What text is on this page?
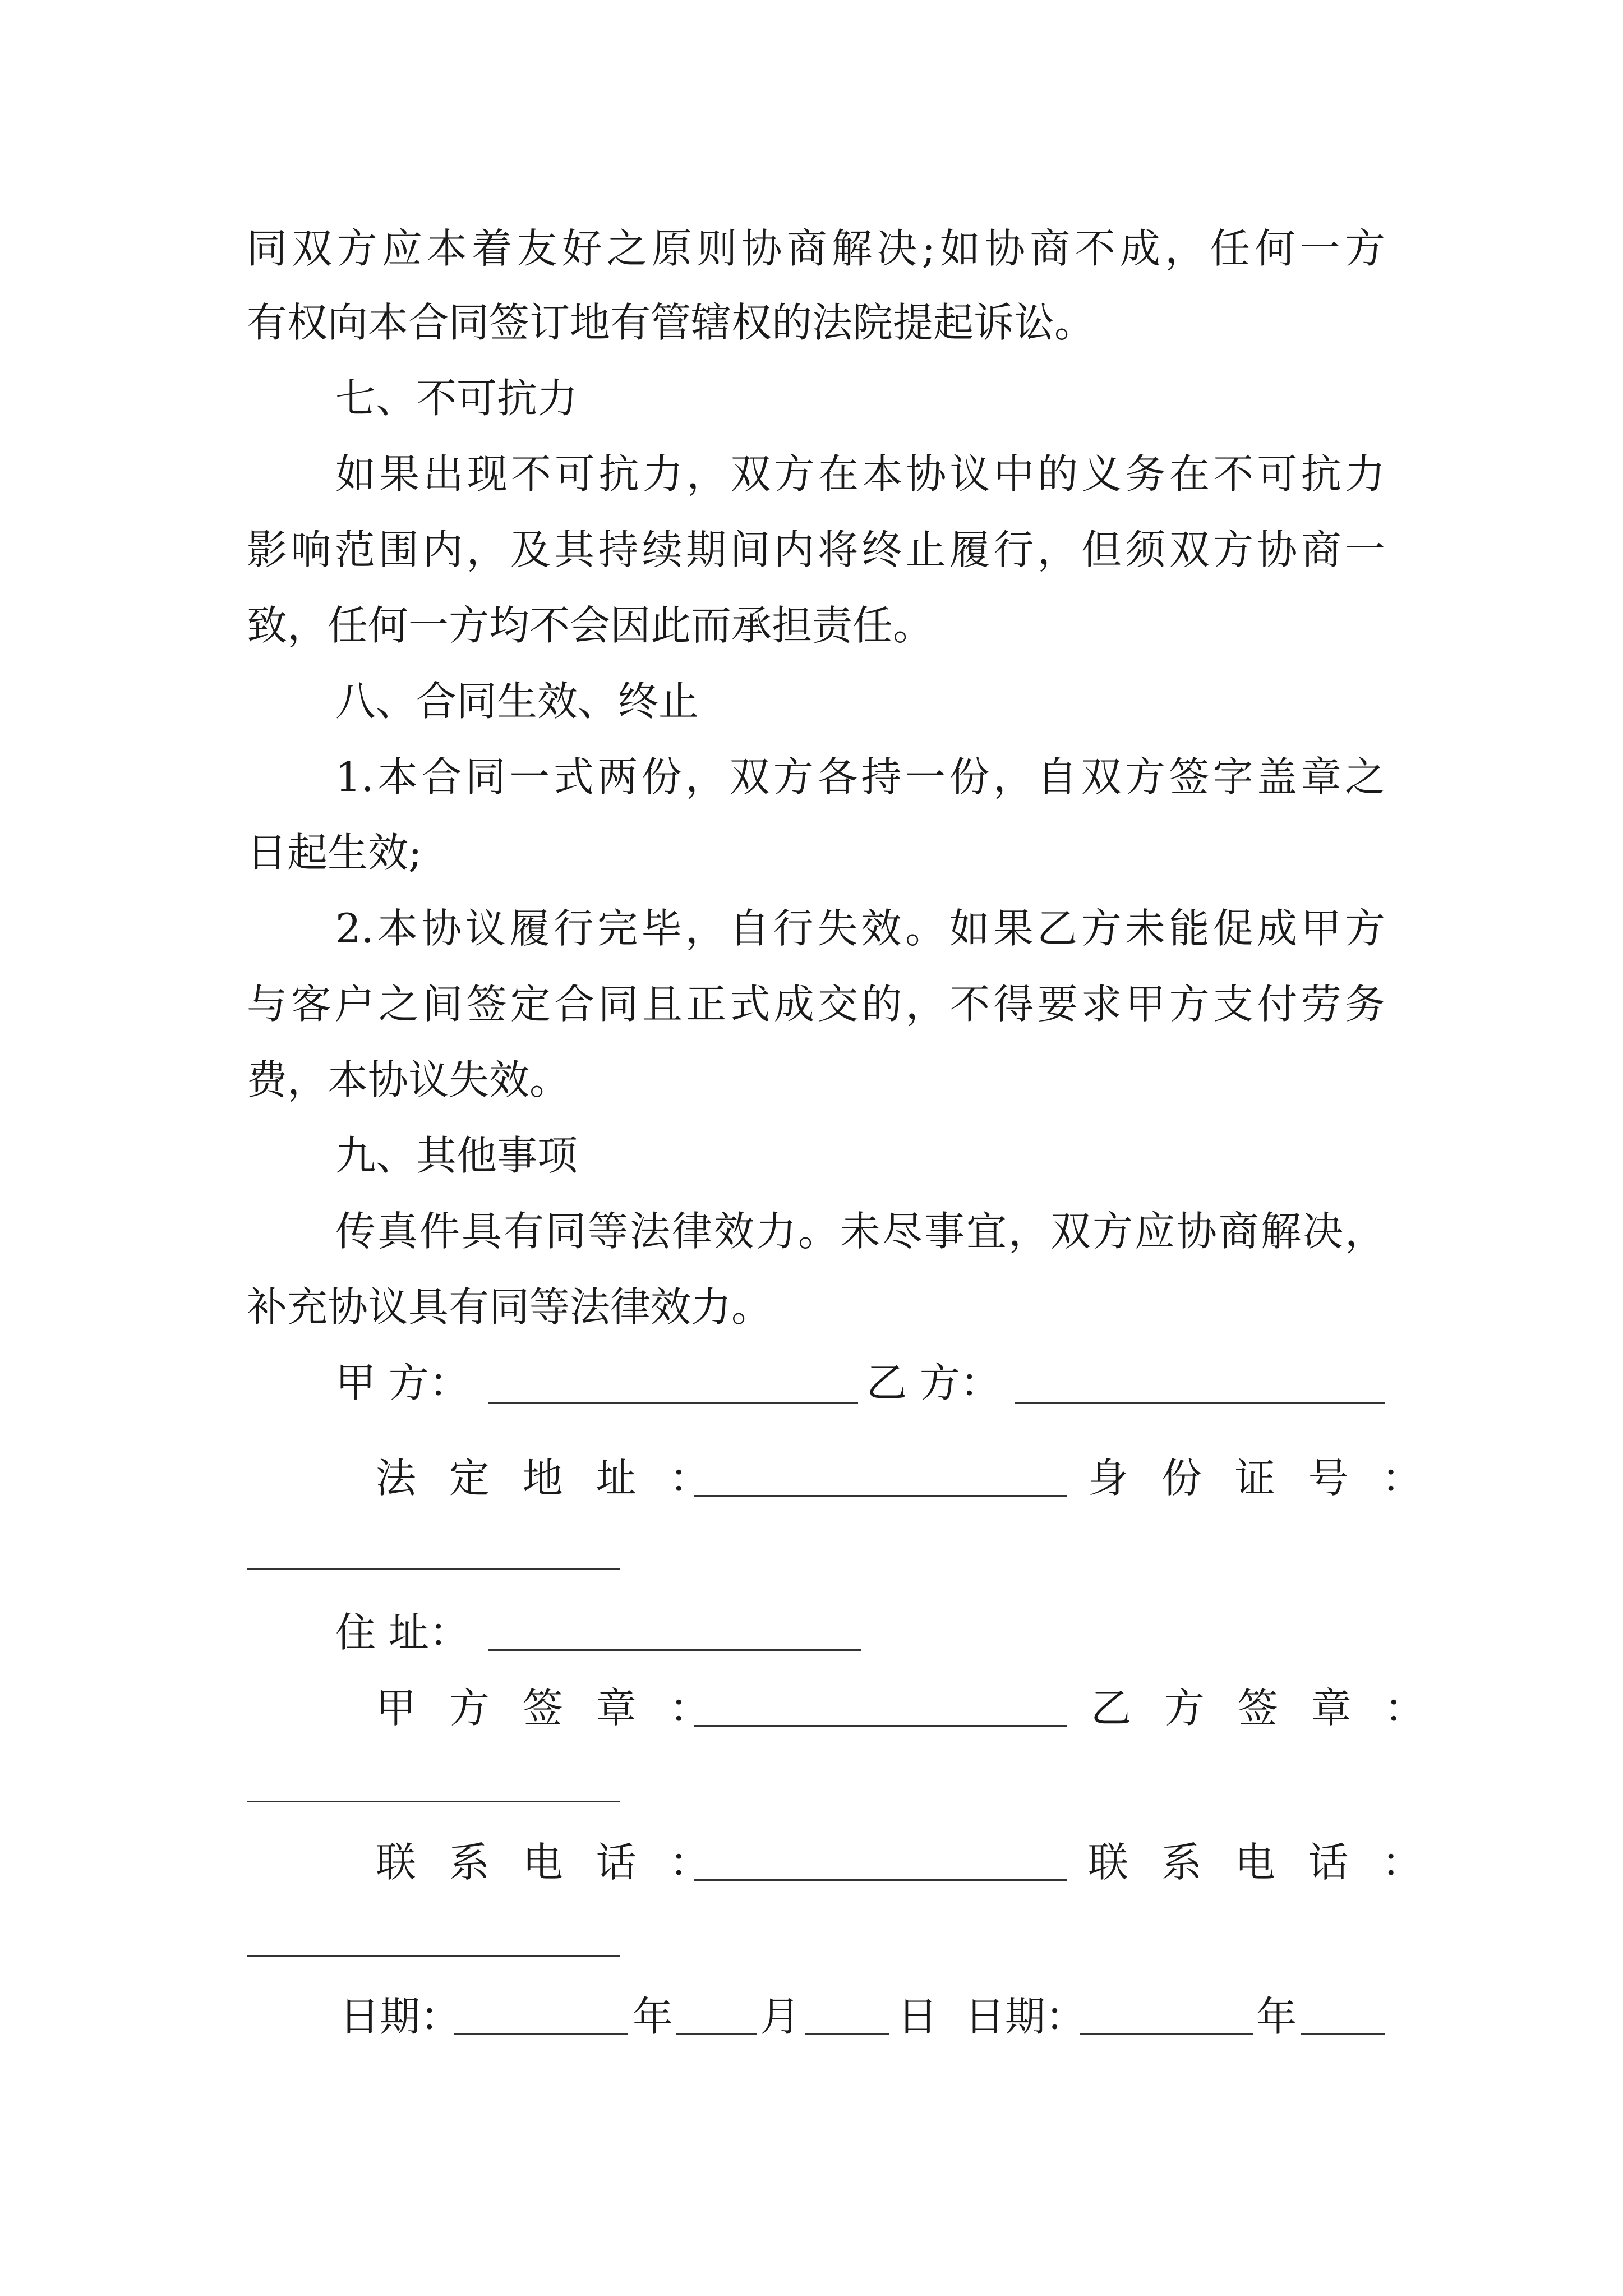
同双方应本着友好之原则协商解决;如协商不成，任何一方
有权向本合同签订地有管辖权的法院提起诉讼。
七、不可抗力
如果出现不可抗力，双方在本协议中的义务在不可抗力
影响范围内，及其持续期间内将终止履行，但须双方协商一
致，任何一方均不会因此而承担责任。
八、合同生效、终止
1.本合同一式两份，双方各持一份，自双方签字盖章之
日起生效;
2.本协议履行完毕，自行失效。如果乙方未能促成甲方
与客户之间签定合同且正式成交的，不得要求甲方支付劳务
费，本协议失效。
九、其他事项
传真件具有同等法律效力。未尽事宜，双方应协商解决，
补充协议具有同等法律效力。
甲 方：	乙 方：
法 定 地 址 ：	身 份 证 号 ：
住 址：
甲 方 签 章 ：	乙 方 签 章 ：
联 系 电 话 ：	联 系 电 话 ：
日期：	年 月 日 日期：	年
